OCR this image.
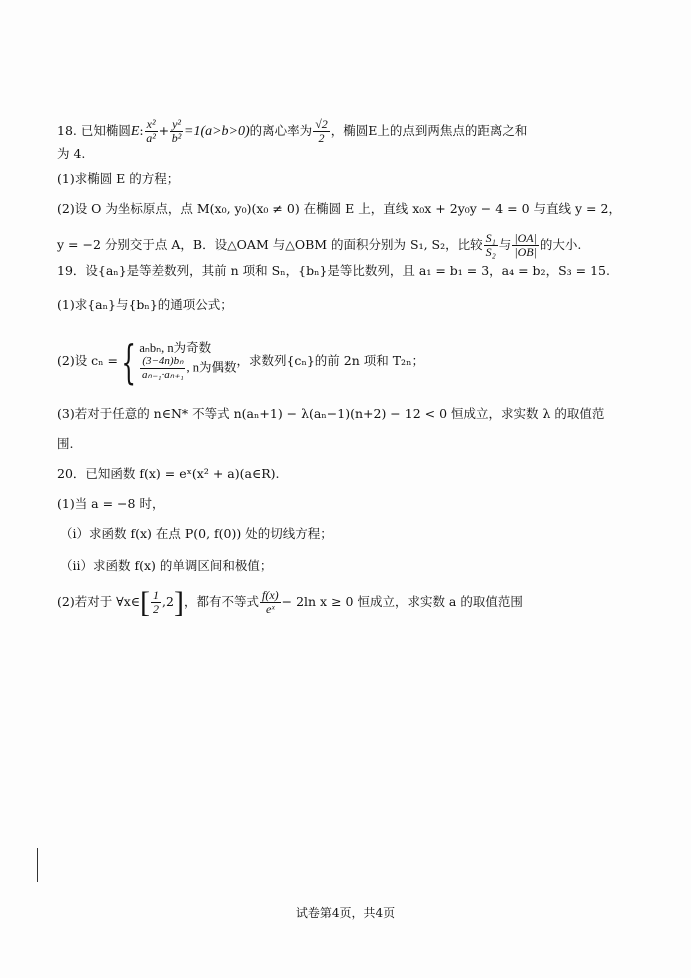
18. 已知椭圆E: $\frac{\text{x²}}{\text{a²}} + \frac{\text{y²}}{\text{b²}} =1(a>b>0)$的离心率为 $\frac{√2}{2}$ ，椭圆E上的点到两焦点的距离之和
为 4.
(1)求椭圆 E 的方程；
(2)设 O 为坐标原点，点 M(x₀, y₀)(x₀ ≠ 0) 在椭圆 E 上，直线 x₀x + 2y₀y − 4 = 0 与直线 y = 2，
y = −2 分别交于点 A，B．设△OAM 与△OBM 的面积分别为 S₁, S₂，比较 $\frac{\text{S₁}}{\text{S₂}}$ 与 $\frac{|OA|}{|OB|}$ 的大小.
19．设{aₙ}是等差数列，其前 n 项和 Sₙ，{bₙ}是等比数列，且 a₁ = b₁ = 3，a₄ = b₂，S₃ = 15.
(1)求{aₙ}与{bₙ}的通项公式；
(2)设 cₙ ={ aₙbₙ, n为奇数
$\frac{\text{(3−4n)bₙ}}{\text{aₙ₋₁·aₙ₊₁}}$ , n为偶数 ，求数列{cₙ}的前 2n 项和 T₂ₙ；
(3)若对于任意的 n∈N* 不等式 n(aₙ+1) − λ(aₙ−1)(n+2) − 12 < 0 恒成立，求实数 λ 的取值范
围.
20．已知函数 f(x) = eˣ(x² + a)(a∈R).
(1)当 a = −8 时，
（i）求函数 f(x) 在点 P(0, f(0)) 处的切线方程；
（ii）求函数 f(x) 的单调区间和极值；
(2)若对于 ∀x∈[ $\frac{1}{2} ,2$]，都有不等式 $\frac{f(x)}{\text{eˣ}} - 2\ln$ x ≥ 0 恒成立，求实数 a 的取值范围
试卷第4页，共4页
